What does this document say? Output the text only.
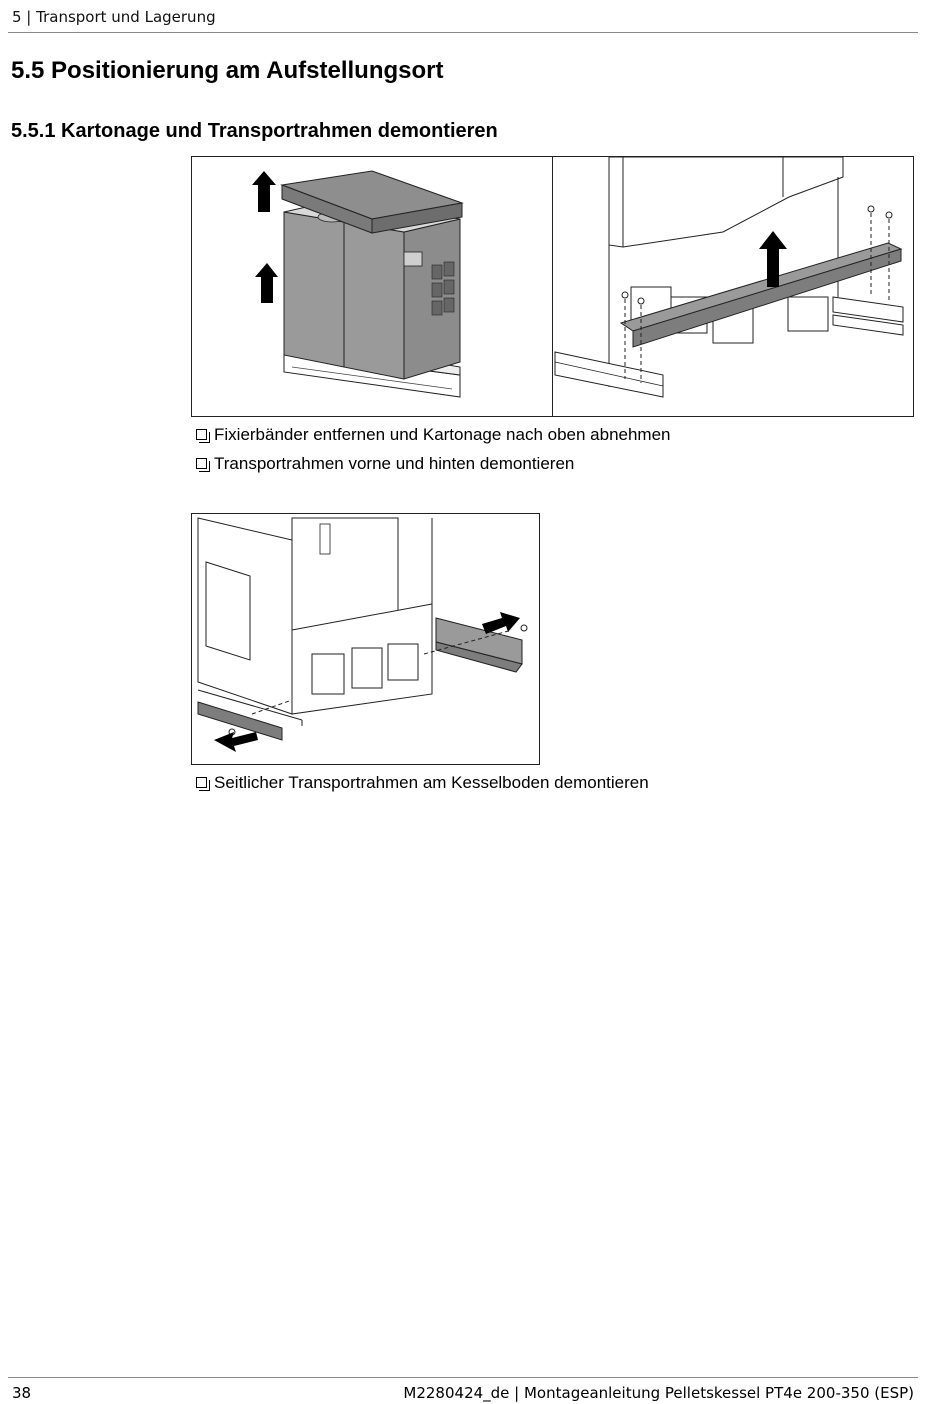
5 | Transport und Lagerung
5.5 Positionierung am Aufstellungsort
5.5.1 Kartonage und Transportrahmen demontieren
Fixierbänder entfernen und Kartonage nach oben abnehmen
Transportrahmen vorne und hinten demontieren
Seitlicher Transportrahmen am Kesselboden demontieren
38	M2280424_de | Montageanleitung Pelletskessel PT4e 200-350 (ESP)
